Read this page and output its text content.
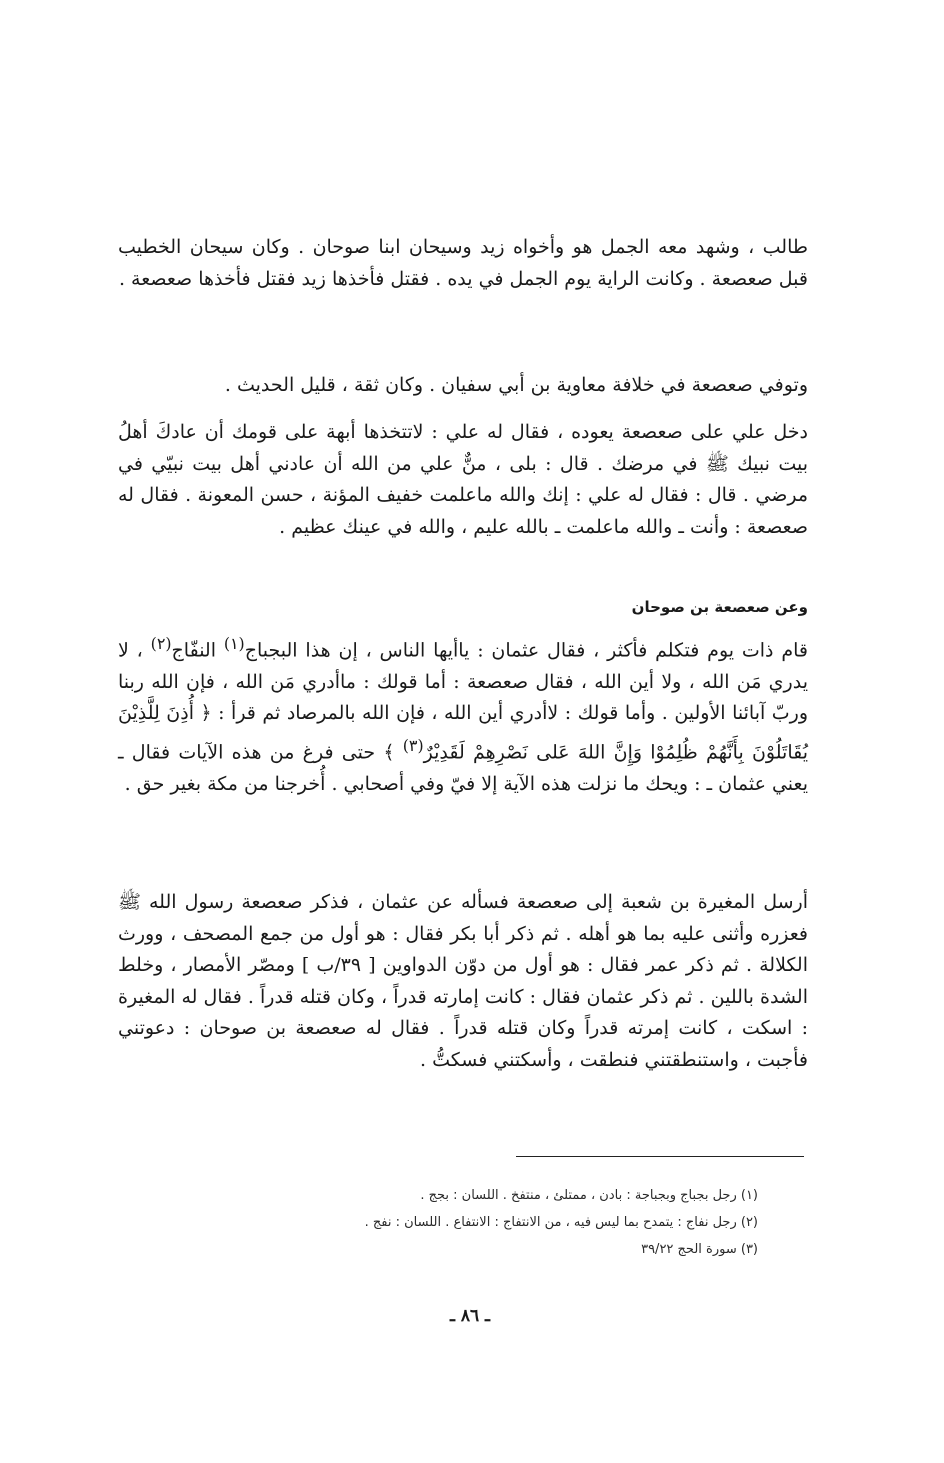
طالب ، وشهد معه الجمل هو وأخواه زيد وسيحان ابنا صوحان . وكان سيحان الخطيب قبل صعصعة . وكانت الراية يوم الجمل في يده . فقتل فأخذها زيد فقتل فأخذها صعصعة .

وتوفي صعصعة في خلافة معاوية بن أبي سفيان . وكان ثقة ، قليل الحديث .

دخل علي على صعصعة يعوده ، فقال له علي : لاتتخذها أبهة على قومك أن عادكَ أهلُ بيت نبيك ﷺ في مرضك . قال : بلى ، منٌّ علي من الله أن عادني أهل بيت نبيّي في مرضي . قال : فقال له علي : إنك والله ماعلمت خفيف المؤنة ، حسن المعونة . فقال له صعصعة : وأنت ـ والله ماعلمت ـ بالله عليم ، والله في عينك عظيم .

وعن صعصعة بن صوحان

قام ذات يوم فتكلم فأكثر ، فقال عثمان : ياأيها الناس ، إن هذا البجباج$^{(١)}$ النفّاج$^{(٢)}$ ، لا يدري مَن الله ، ولا أين الله ، فقال صعصعة : أما قولك : ماأدري مَن الله ، فإن الله ربنا وربّ آبائنا الأولين . وأما قولك : لاأدري أين الله ، فإن الله بالمرصاد ثم قرأ : ﴿ أُذِنَ لِلَّذِيْنَ يُقَاتَلُوْنَ بِأَنَّهُمْ ظُلِمُوْا وَإِنَّ اللهَ عَلى نَصْرِهِمْ لَقَدِيْرٌ$^{(٣)}$ ﴾ حتى فرغ من هذه الآيات فقال ـ يعني عثمان ـ : ويحك ما نزلت هذه الآية إلا فيّ وفي أصحابي . أُخرجنا من مكة بغير حق .

أرسل المغيرة بن شعبة إلى صعصعة فسأله عن عثمان ، فذكر صعصعة رسول الله ﷺ فعزره وأثنى عليه بما هو أهله . ثم ذكر أبا بكر فقال : هو أول من جمع المصحف ، وورث الكلالة . ثم ذكر عمر فقال : هو أول من دوّن الدواوين [ ٣٩/ب ] ومصّر الأمصار ، وخلط الشدة باللين . ثم ذكر عثمان فقال : كانت إمارته قدراً ، وكان قتله قدراً . فقال له المغيرة : اسكت ، كانت إمرته قدراً وكان قتله قدراً . فقال له صعصعة بن صوحان : دعوتني فأجبت ، واستنطقتني فنطقت ، وأسكتني فسكتُّ .

(١) رجل بجباج وبجباجة : بادن ، ممتلئ ، منتفخ . اللسان : بجج .
(٢) رجل نفاج : يتمدح بما ليس فيه ، من الانتفاج : الانتفاع . اللسان : نفج .
(٣) سورة الحج ٣٩/٢٢
ـ ٨٦ ـ
